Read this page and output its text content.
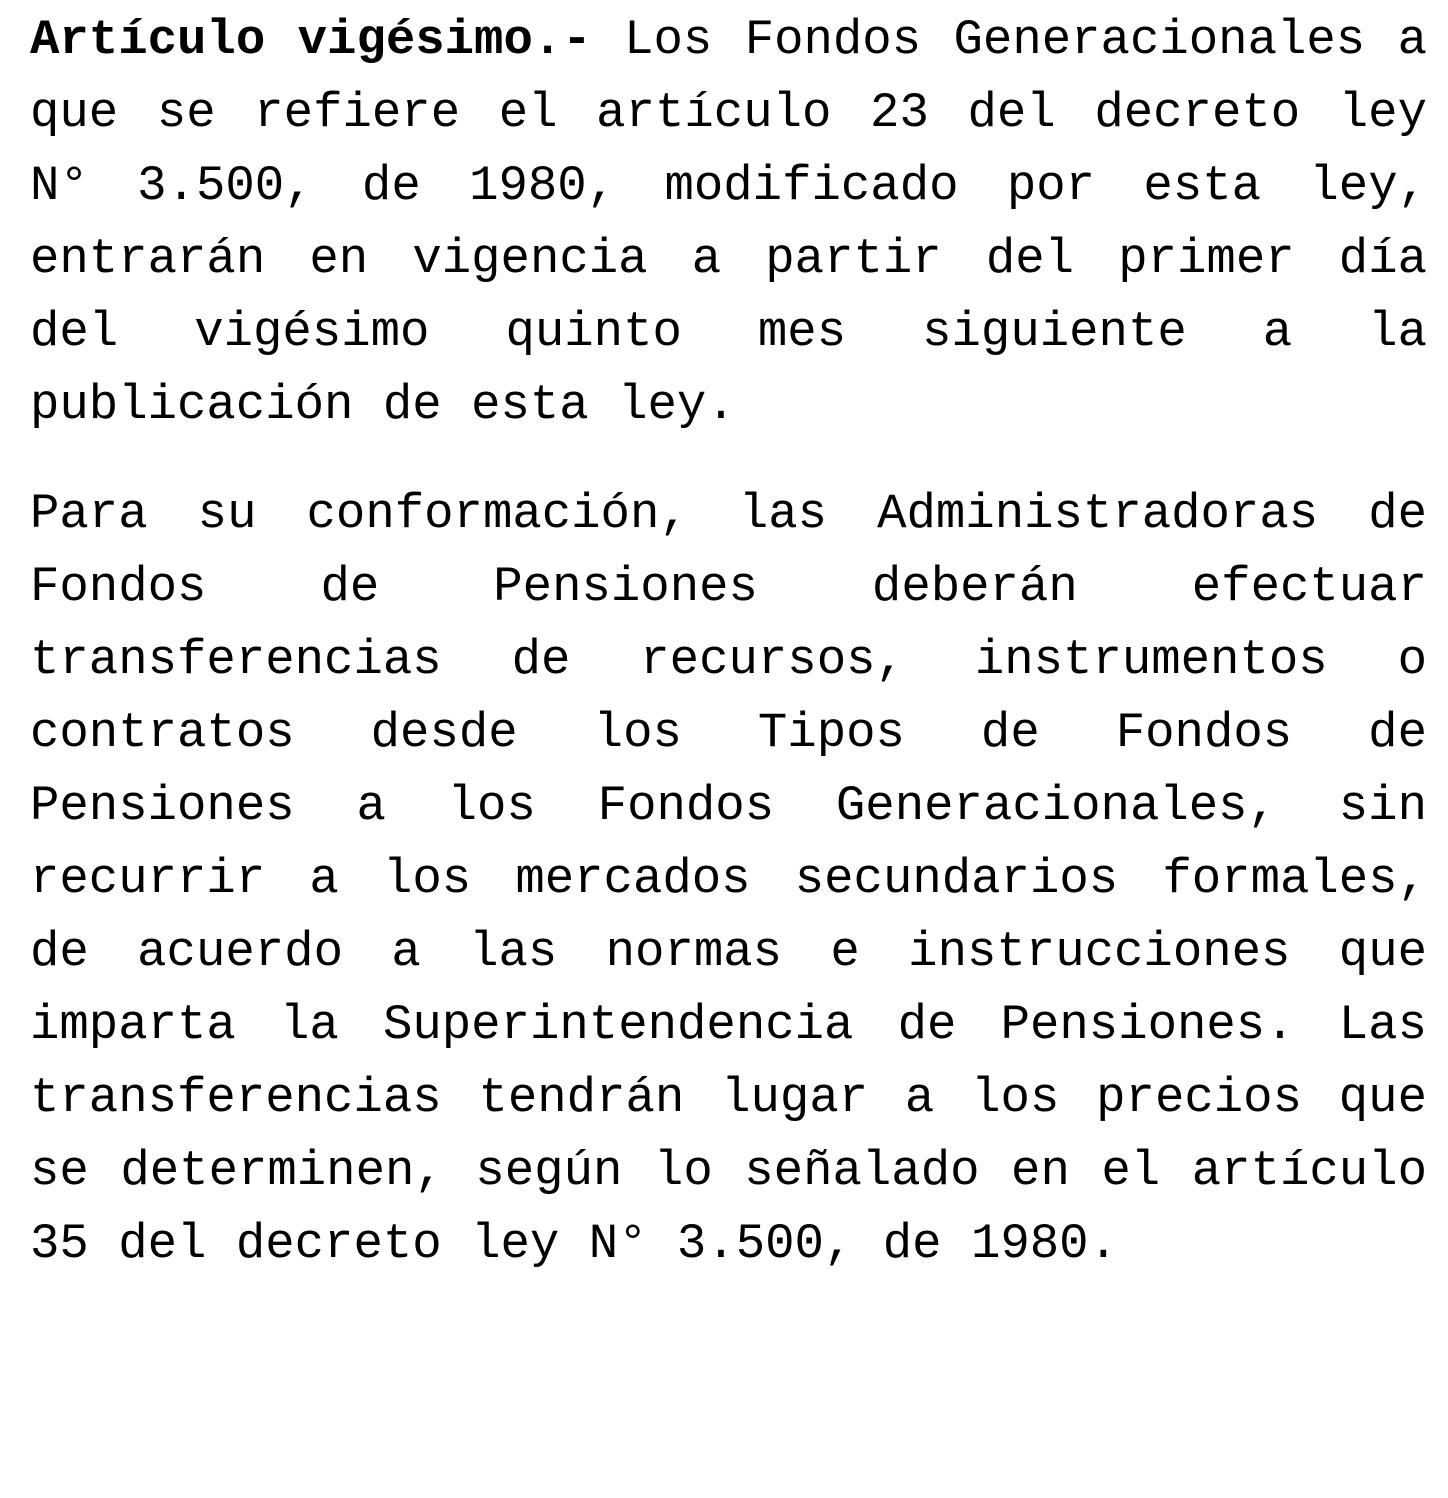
Artículo vigésimo.- Los Fondos Generacionales a que se refiere el artículo 23 del decreto ley N° 3.500, de 1980, modificado por esta ley, entrarán en vigencia a partir del primer día del vigésimo quinto mes siguiente a la publicación de esta ley.

Para su conformación, las Administradoras de Fondos de Pensiones deberán efectuar transferencias de recursos, instrumentos o contratos desde los Tipos de Fondos de Pensiones a los Fondos Generacionales, sin recurrir a los mercados secundarios formales, de acuerdo a las normas e instrucciones que imparta la Superintendencia de Pensiones. Las transferencias tendrán lugar a los precios que se determinen, según lo señalado en el artículo 35 del decreto ley N° 3.500, de 1980.
